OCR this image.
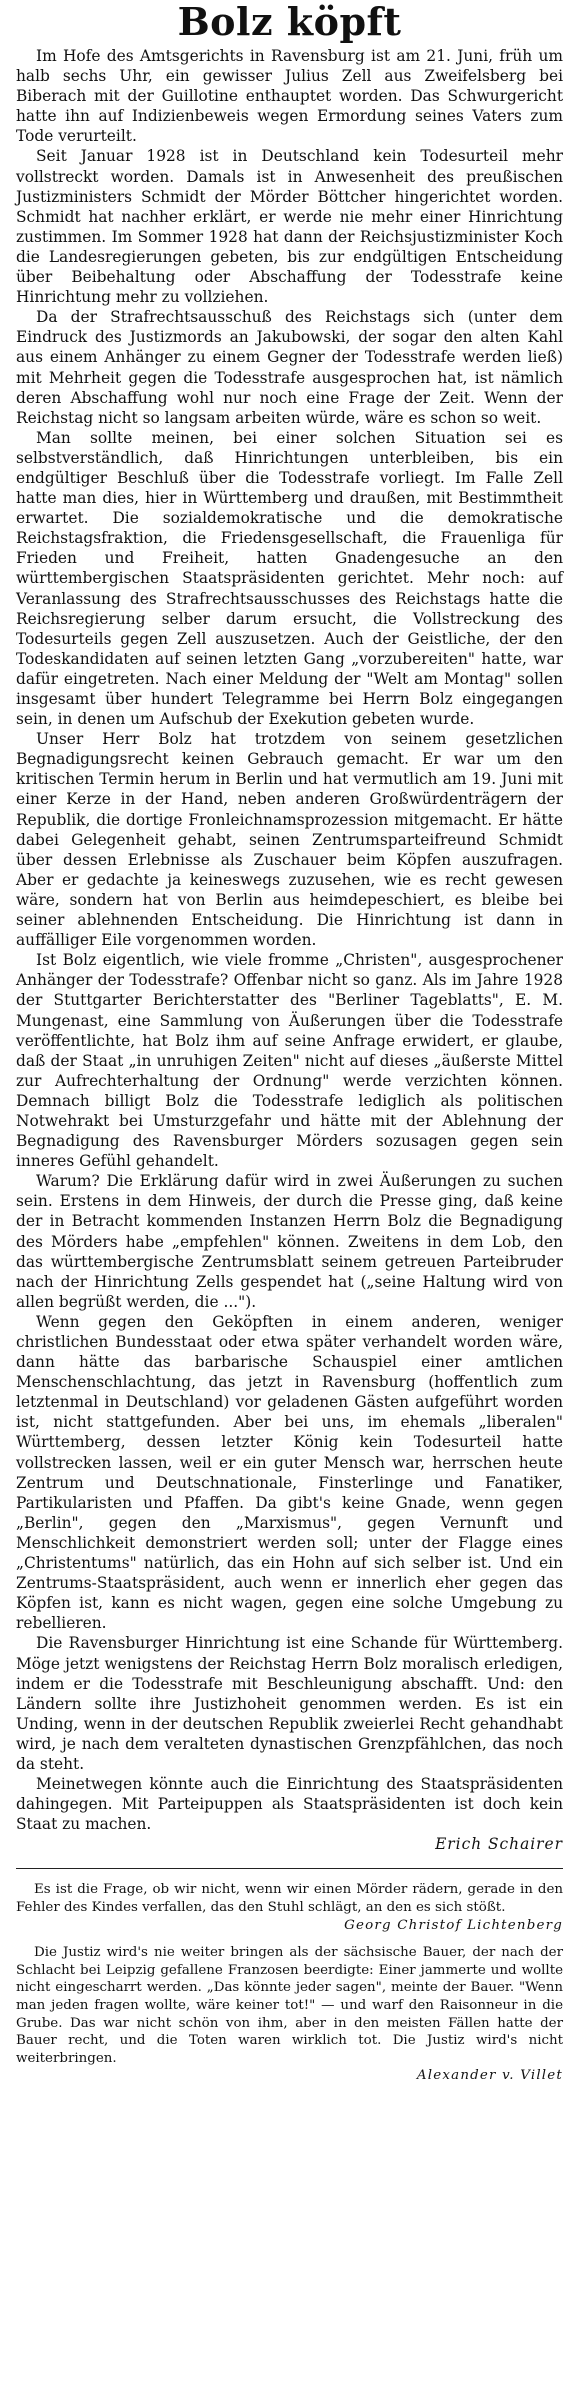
Bolz köpft

Im Hofe des Amtsgerichts in Ravensburg ist am 21. Juni, früh um halb sechs Uhr, ein gewisser Julius Zell aus Zweifelsberg bei Biberach mit der Guillotine enthauptet worden. Das Schwurgericht hatte ihn auf Indizienbeweis wegen Ermordung seines Vaters zum Tode verurteilt.

Seit Januar 1928 ist in Deutschland kein Todesurteil mehr vollstreckt worden. Damals ist in Anwesenheit des preußischen Justizministers Schmidt der Mörder Böttcher hingerichtet worden. Schmidt hat nachher erklärt, er werde nie mehr einer Hinrichtung zustimmen. Im Sommer 1928 hat dann der Reichsjustizminister Koch die Landesregierungen gebeten, bis zur endgültigen Entscheidung über Beibehaltung oder Abschaffung der Todesstrafe keine Hinrichtung mehr zu vollziehen.

Da der Strafrechtsausschuß des Reichstags sich (unter dem Eindruck des Justizmords an Jakubowski, der sogar den alten Kahl aus einem Anhänger zu einem Gegner der Todesstrafe werden ließ) mit Mehrheit gegen die Todesstrafe ausgesprochen hat, ist nämlich deren Abschaffung wohl nur noch eine Frage der Zeit. Wenn der Reichstag nicht so langsam arbeiten würde, wäre es schon so weit.

Man sollte meinen, bei einer solchen Situation sei es selbstverständlich, daß Hinrichtungen unterbleiben, bis ein endgültiger Beschluß über die Todesstrafe vorliegt. Im Falle Zell hatte man dies, hier in Württemberg und draußen, mit Bestimmtheit erwartet. Die sozialdemokratische und die demokratische Reichstagsfraktion, die Friedensgesellschaft, die Frauenliga für Frieden und Freiheit, hatten Gnadengesuche an den württembergischen Staatspräsidenten gerichtet. Mehr noch: auf Veranlassung des Strafrechtsausschusses des Reichstags hatte die Reichsregierung selber darum ersucht, die Vollstreckung des Todesurteils gegen Zell auszusetzen. Auch der Geistliche, der den Todeskandidaten auf seinen letzten Gang „vorzubereiten" hatte, war dafür eingetreten. Nach einer Meldung der "Welt am Montag" sollen insgesamt über hundert Telegramme bei Herrn Bolz eingegangen sein, in denen um Aufschub der Exekution gebeten wurde.

Unser Herr Bolz hat trotzdem von seinem gesetzlichen Begnadigungsrecht keinen Gebrauch gemacht. Er war um den kritischen Termin herum in Berlin und hat vermutlich am 19. Juni mit einer Kerze in der Hand, neben anderen Großwürdenträgern der Republik, die dortige Fronleichnamsprozession mitgemacht. Er hätte dabei Gelegenheit gehabt, seinen Zentrumsparteifreund Schmidt über dessen Erlebnisse als Zuschauer beim Köpfen auszufragen. Aber er gedachte ja keineswegs zuzusehen, wie es recht gewesen wäre, sondern hat von Berlin aus heimdepeschiert, es bleibe bei seiner ablehnenden Entscheidung. Die Hinrichtung ist dann in auffälliger Eile vorgenommen worden.

Ist Bolz eigentlich, wie viele fromme „Christen", ausgesprochener Anhänger der Todesstrafe? Offenbar nicht so ganz. Als im Jahre 1928 der Stuttgarter Berichterstatter des "Berliner Tageblatts", E. M. Mungenast, eine Sammlung von Äußerungen über die Todesstrafe veröffentlichte, hat Bolz ihm auf seine Anfrage erwidert, er glaube, daß der Staat „in unruhigen Zeiten" nicht auf dieses „äußerste Mittel zur Aufrechterhaltung der Ordnung" werde verzichten können. Demnach billigt Bolz die Todesstrafe lediglich als politischen Notwehrakt bei Umsturzgefahr und hätte mit der Ablehnung der Begnadigung des Ravensburger Mörders sozusagen gegen sein inneres Gefühl gehandelt.

Warum? Die Erklärung dafür wird in zwei Äußerungen zu suchen sein. Erstens in dem Hinweis, der durch die Presse ging, daß keine der in Betracht kommenden Instanzen Herrn Bolz die Begnadigung des Mörders habe „empfehlen" können. Zweitens in dem Lob, den das württembergische Zentrumsblatt seinem getreuen Parteibruder nach der Hinrichtung Zells gespendet hat („seine Haltung wird von allen begrüßt werden, die ...").

Wenn gegen den Geköpften in einem anderen, weniger christlichen Bundesstaat oder etwa später verhandelt worden wäre, dann hätte das barbarische Schauspiel einer amtlichen Menschenschlachtung, das jetzt in Ravensburg (hoffentlich zum letztenmal in Deutschland) vor geladenen Gästen aufgeführt worden ist, nicht stattgefunden. Aber bei uns, im ehemals „liberalen" Württemberg, dessen letzter König kein Todesurteil hatte vollstrecken lassen, weil er ein guter Mensch war, herrschen heute Zentrum und Deutschnationale, Finsterlinge und Fanatiker, Partikularisten und Pfaffen. Da gibt's keine Gnade, wenn gegen „Berlin", gegen den „Marxismus", gegen Vernunft und Menschlichkeit demonstriert werden soll; unter der Flagge eines „Christentums" natürlich, das ein Hohn auf sich selber ist. Und ein Zentrums-Staatspräsident, auch wenn er innerlich eher gegen das Köpfen ist, kann es nicht wagen, gegen eine solche Umgebung zu rebellieren.

Die Ravensburger Hinrichtung ist eine Schande für Württemberg. Möge jetzt wenigstens der Reichstag Herrn Bolz moralisch erledigen, indem er die Todesstrafe mit Beschleunigung abschafft. Und: den Ländern sollte ihre Justizhoheit genommen werden. Es ist ein Unding, wenn in der deutschen Republik zweierlei Recht gehandhabt wird, je nach dem veralteten dynastischen Grenzpfählchen, das noch da steht.

Meinetwegen könnte auch die Einrichtung des Staatspräsidenten dahingegen. Mit Parteipuppen als Staatspräsidenten ist doch kein Staat zu machen.

Erich Schairer

Es ist die Frage, ob wir nicht, wenn wir einen Mörder rädern, gerade in den Fehler des Kindes verfallen, das den Stuhl schlägt, an den es sich stößt.

Georg Christof Lichtenberg

Die Justiz wird's nie weiter bringen als der sächsische Bauer, der nach der Schlacht bei Leipzig gefallene Franzosen beerdigte: Einer jammerte und wollte nicht eingescharrt werden. „Das könnte jeder sagen", meinte der Bauer. "Wenn man jeden fragen wollte, wäre keiner tot!" — und warf den Raisonneur in die Grube. Das war nicht schön von ihm, aber in den meisten Fällen hatte der Bauer recht, und die Toten waren wirklich tot. Die Justiz wird's nicht weiterbringen.

Alexander v. Villet
